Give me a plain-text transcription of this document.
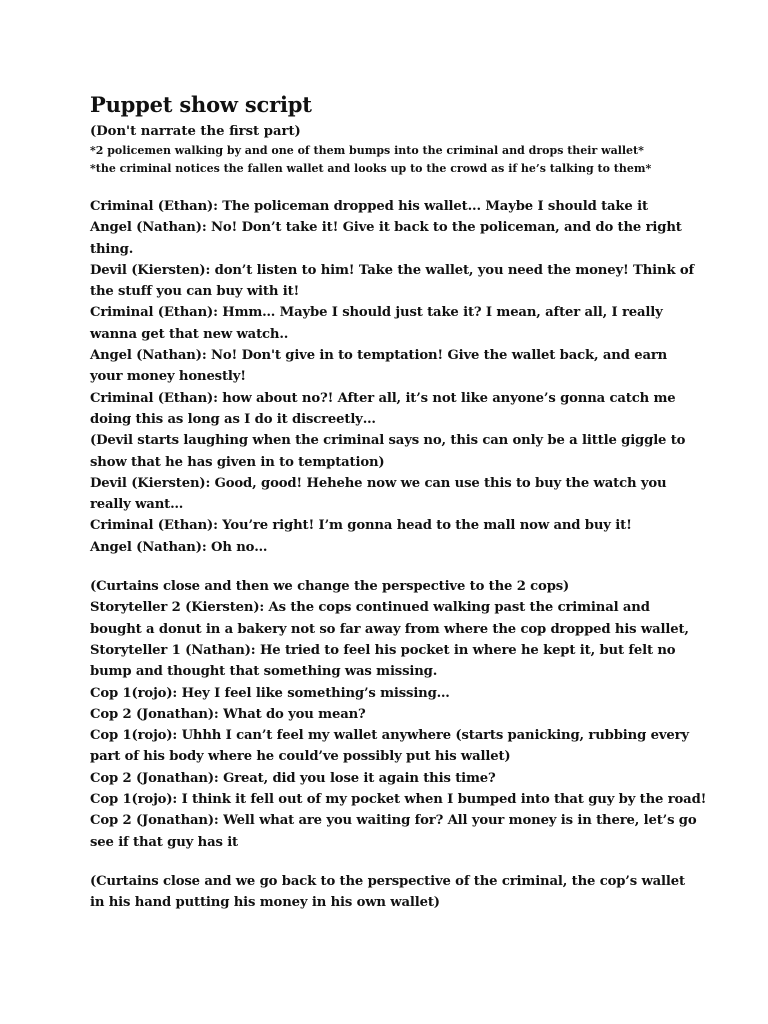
Puppet show script

(Don't narrate the first part)

*2 policemen walking by and one of them bumps into the criminal and drops their wallet*

*the criminal notices the fallen wallet and looks up to the crowd as if he’s talking to them*

Criminal (Ethan): The policeman dropped his wallet... Maybe I should take it

Angel (Nathan): No! Don’t take it! Give it back to the policeman, and do the right

thing.

Devil (Kiersten): don’t listen to him! Take the wallet, you need the money! Think of

the stuff you can buy with it!

Criminal (Ethan): Hmm… Maybe I should just take it? I mean, after all, I really

wanna get that new watch..

Angel (Nathan): No! Don't give in to temptation! Give the wallet back, and earn

your money honestly!

Criminal (Ethan): how about no?! After all, it’s not like anyone’s gonna catch me

doing this as long as I do it discreetly…

(Devil starts laughing when the criminal says no, this can only be a little giggle to

show that he has given in to temptation)

Devil (Kiersten): Good, good! Hehehe now we can use this to buy the watch you

really want…

Criminal (Ethan): You’re right! I’m gonna head to the mall now and buy it!

Angel (Nathan): Oh no…

(Curtains close and then we change the perspective to the 2 cops)

Storyteller 2 (Kiersten): As the cops continued walking past the criminal and

bought a donut in a bakery not so far away from where the cop dropped his wallet,

Storyteller 1 (Nathan): He tried to feel his pocket in where he kept it, but felt no

bump and thought that something was missing.

Cop 1(rojo): Hey I feel like something’s missing…

Cop 2 (Jonathan): What do you mean?

Cop 1(rojo): Uhhh I can’t feel my wallet anywhere (starts panicking, rubbing every

part of his body where he could’ve possibly put his wallet)

Cop 2 (Jonathan): Great, did you lose it again this time?

Cop 1(rojo): I think it fell out of my pocket when I bumped into that guy by the road!

Cop 2 (Jonathan): Well what are you waiting for? All your money is in there, let’s go

see if that guy has it

(Curtains close and we go back to the perspective of the criminal, the cop’s wallet

in his hand putting his money in his own wallet)
